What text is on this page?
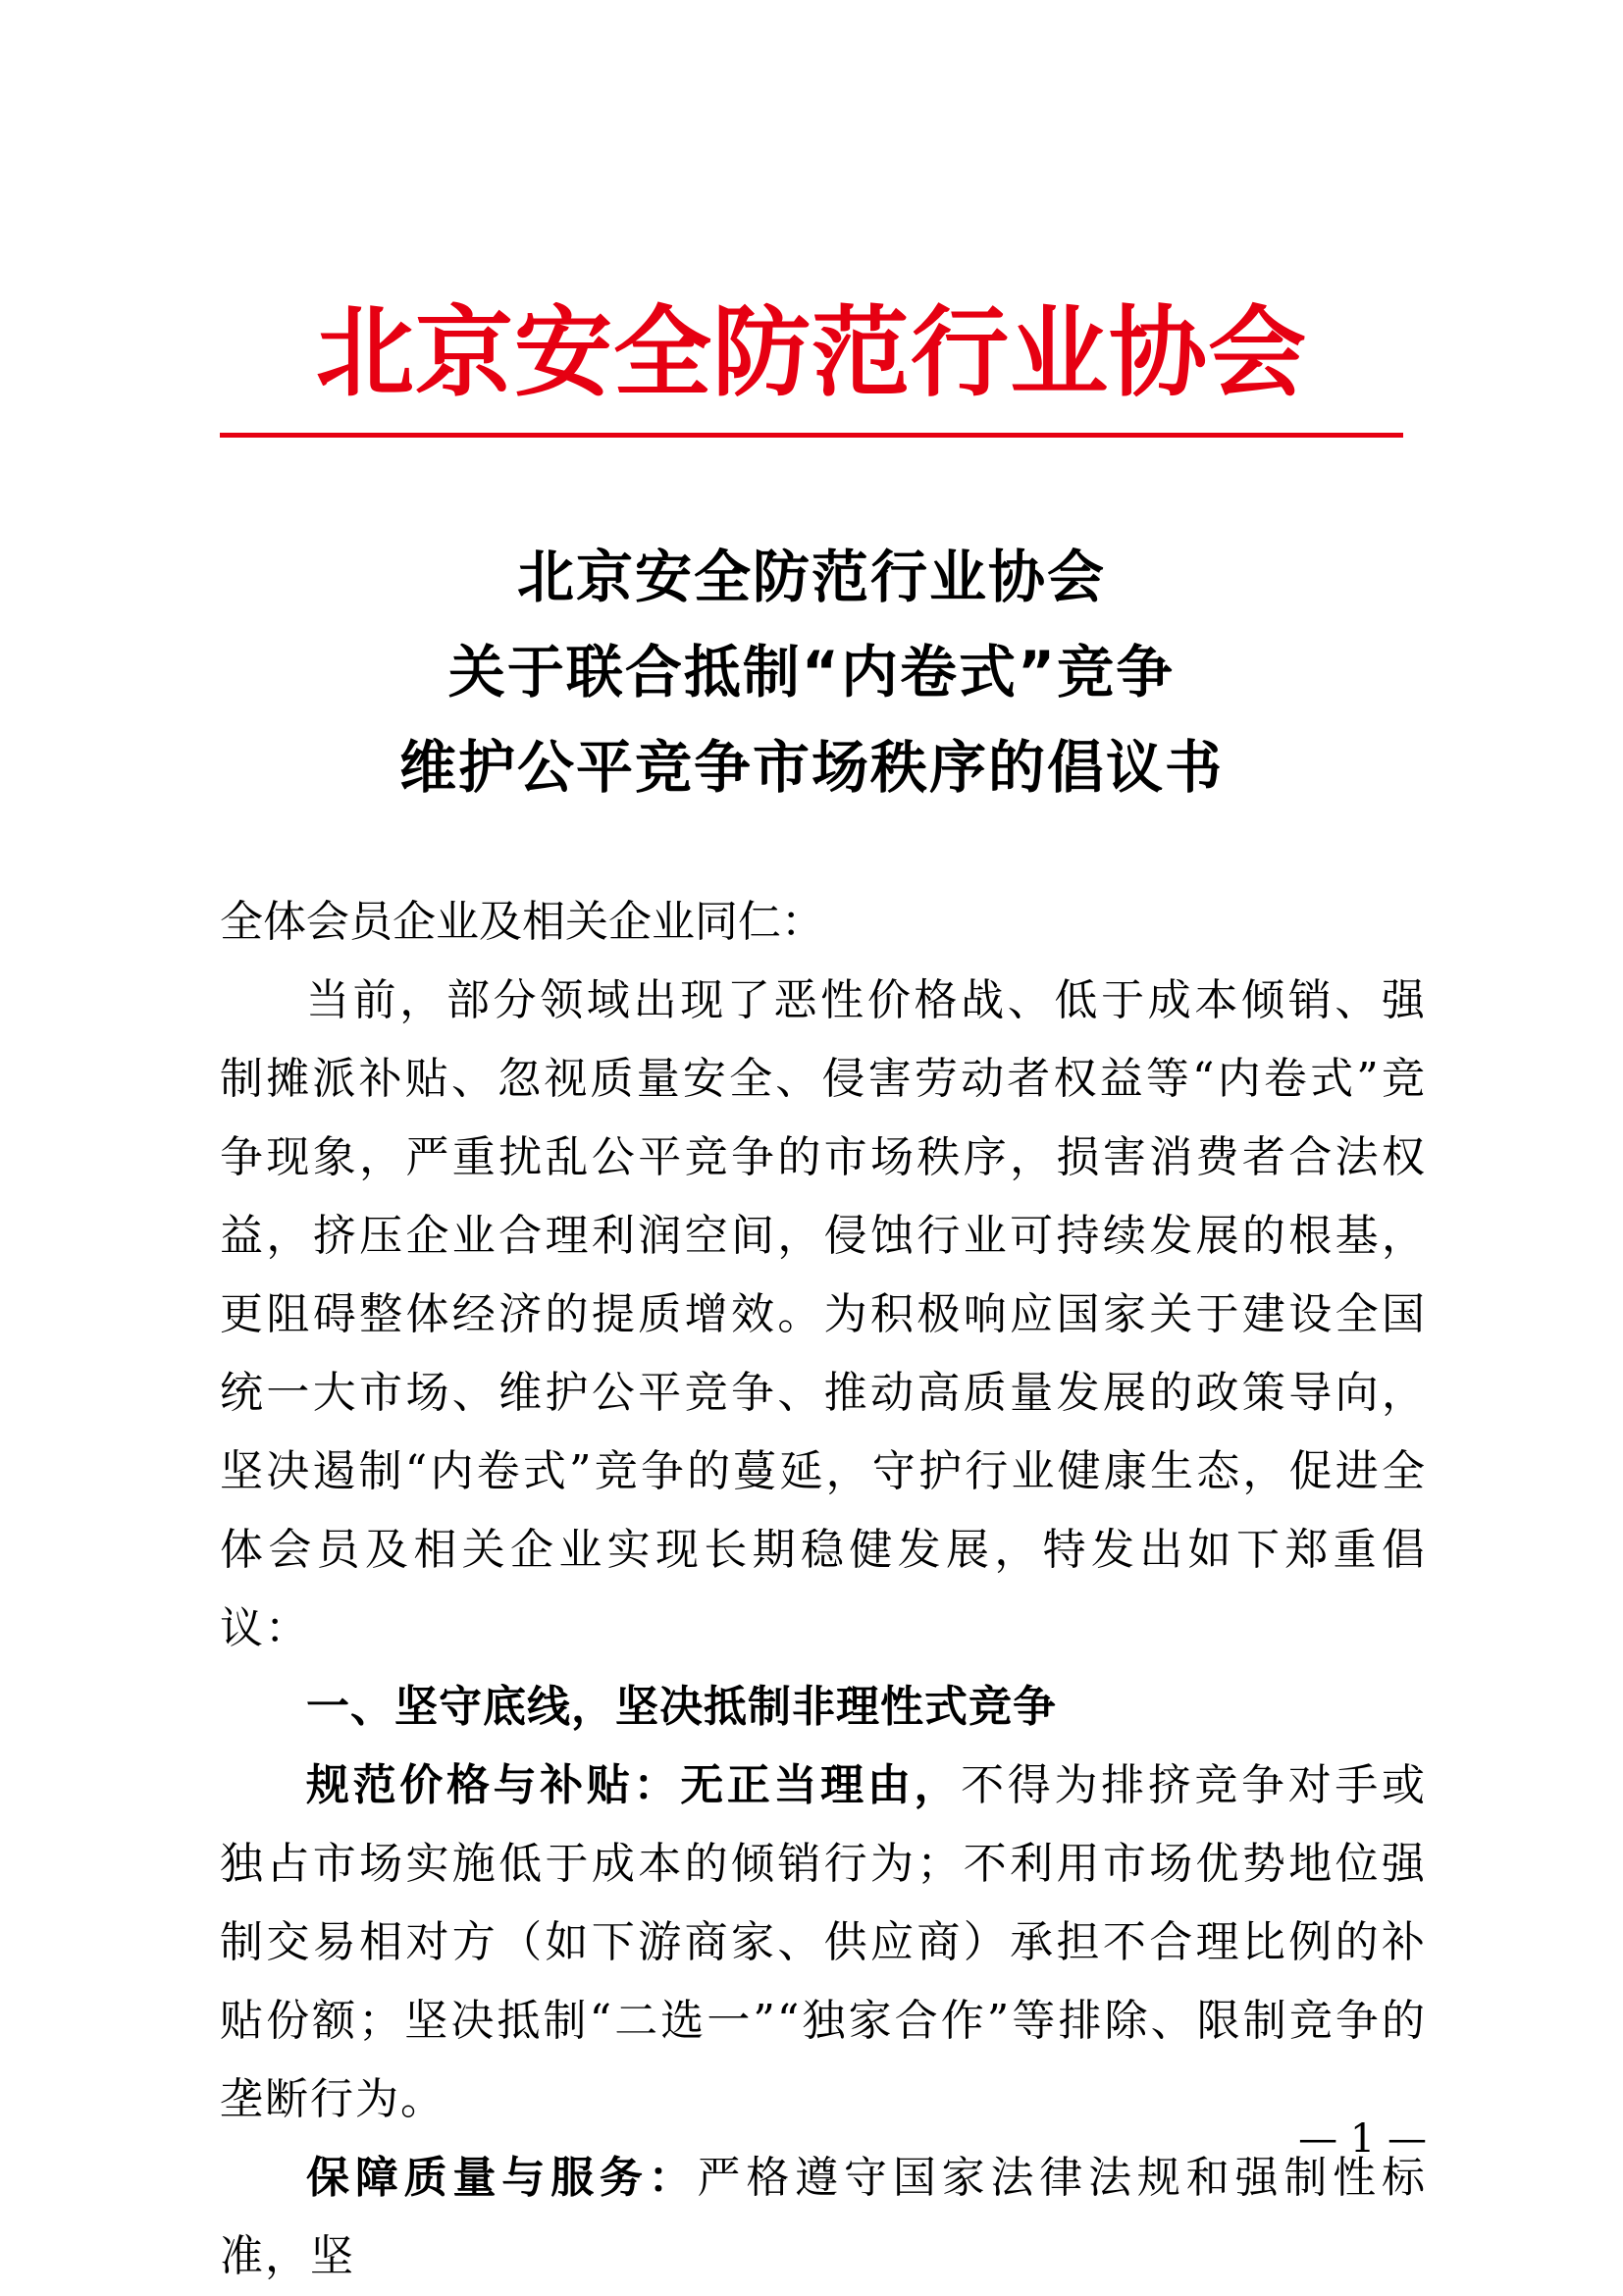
北京安全防范行业协会
北京安全防范行业协会
关于联合抵制“内卷式”竞争
维护公平竞争市场秩序的倡议书

全体会员企业及相关企业同仁：

当前，部分领域出现了恶性价格战、低于成本倾销、强制摊派补贴、忽视质量安全、侵害劳动者权益等“内卷式”竞争现象，严重扰乱公平竞争的市场秩序，损害消费者合法权益，挤压企业合理利润空间，侵蚀行业可持续发展的根基，更阻碍整体经济的提质增效。为积极响应国家关于建设全国统一大市场、维护公平竞争、推动高质量发展的政策导向，坚决遏制“内卷式”竞争的蔓延，守护行业健康生态，促进全体会员及相关企业实现长期稳健发展，特发出如下郑重倡议：

一、坚守底线，坚决抵制非理性式竞争

规范价格与补贴：无正当理由，不得为排挤竞争对手或独占市场实施低于成本的倾销行为；不利用市场优势地位强制交易相对方（如下游商家、供应商）承担不合理比例的补贴份额；坚决抵制“二选一”“独家合作”等排除、限制竞争的垄断行为。

保障质量与服务：严格遵守国家法律法规和强制性标准，坚

— 1 —
